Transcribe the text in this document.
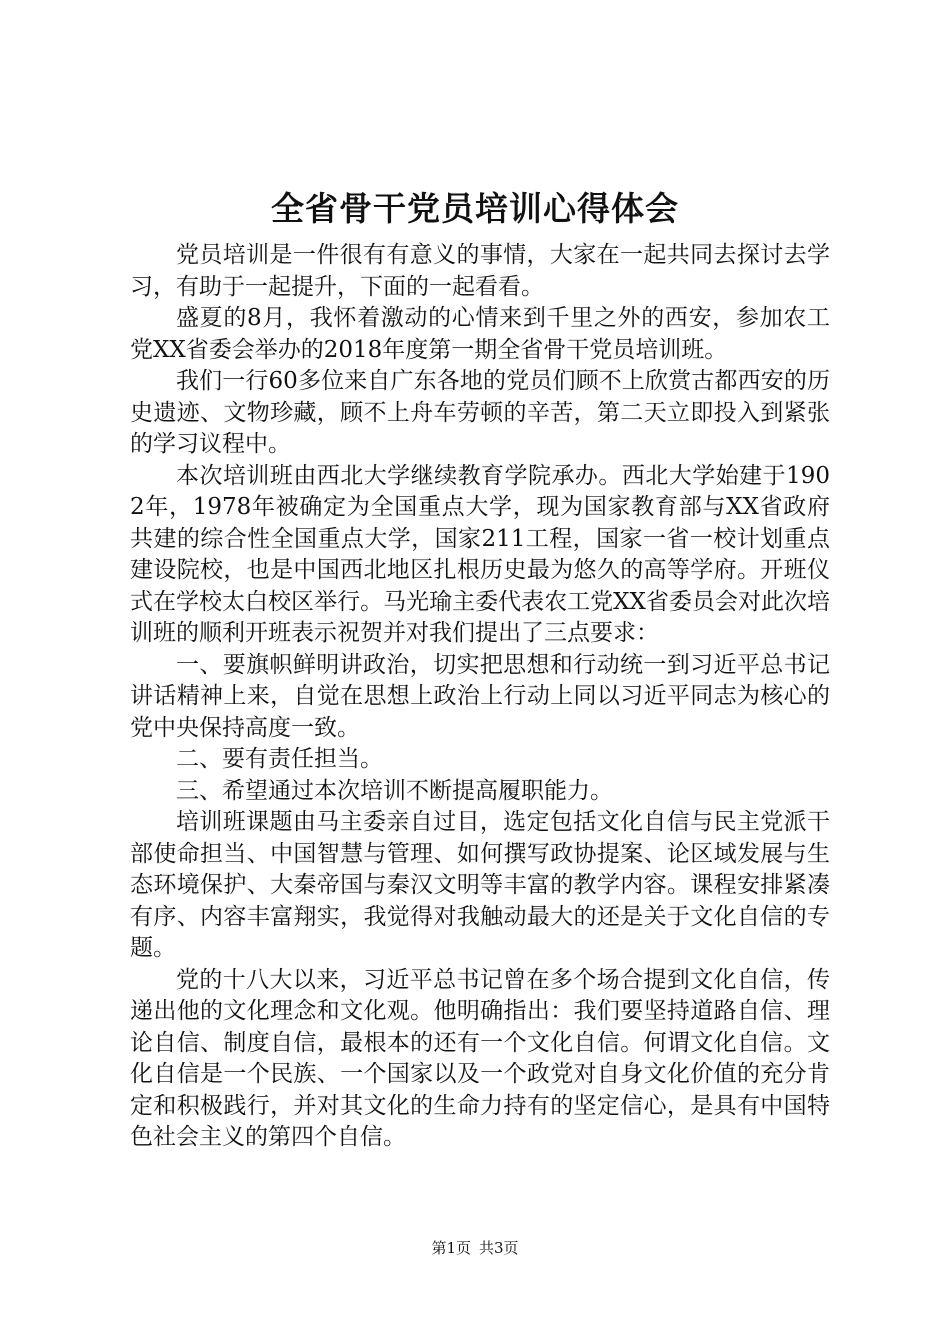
全省骨干党员培训心得体会

党员培训是一件很有有意义的事情，大家在一起共同去探讨去学习，有助于一起提升，下面的一起看看。

盛夏的8月，我怀着激动的心情来到千里之外的西安，参加农工党XX省委会举办的2018年度第一期全省骨干党员培训班。

我们一行60多位来自广东各地的党员们顾不上欣赏古都西安的历史遗迹、文物珍藏，顾不上舟车劳顿的辛苦，第二天立即投入到紧张的学习议程中。

本次培训班由西北大学继续教育学院承办。西北大学始建于1902年，1978年被确定为全国重点大学，现为国家教育部与XX省政府共建的综合性全国重点大学，国家211工程，国家一省一校计划重点建设院校，也是中国西北地区扎根历史最为悠久的高等学府。开班仪式在学校太白校区举行。马光瑜主委代表农工党XX省委员会对此次培训班的顺利开班表示祝贺并对我们提出了三点要求：

一、要旗帜鲜明讲政治，切实把思想和行动统一到习近平总书记讲话精神上来，自觉在思想上政治上行动上同以习近平同志为核心的党中央保持高度一致。

二、要有责任担当。

三、希望通过本次培训不断提高履职能力。

培训班课题由马主委亲自过目，选定包括文化自信与民主党派干部使命担当、中国智慧与管理、如何撰写政协提案、论区域发展与生态环境保护、大秦帝国与秦汉文明等丰富的教学内容。课程安排紧凑有序、内容丰富翔实，我觉得对我触动最大的还是关于文化自信的专题。

党的十八大以来，习近平总书记曾在多个场合提到文化自信，传递出他的文化理念和文化观。他明确指出：我们要坚持道路自信、理论自信、制度自信，最根本的还有一个文化自信。何谓文化自信。文化自信是一个民族、一个国家以及一个政党对自身文化价值的充分肯定和积极践行，并对其文化的生命力持有的坚定信心，是具有中国特色社会主义的第四个自信。

第1页 共3页
